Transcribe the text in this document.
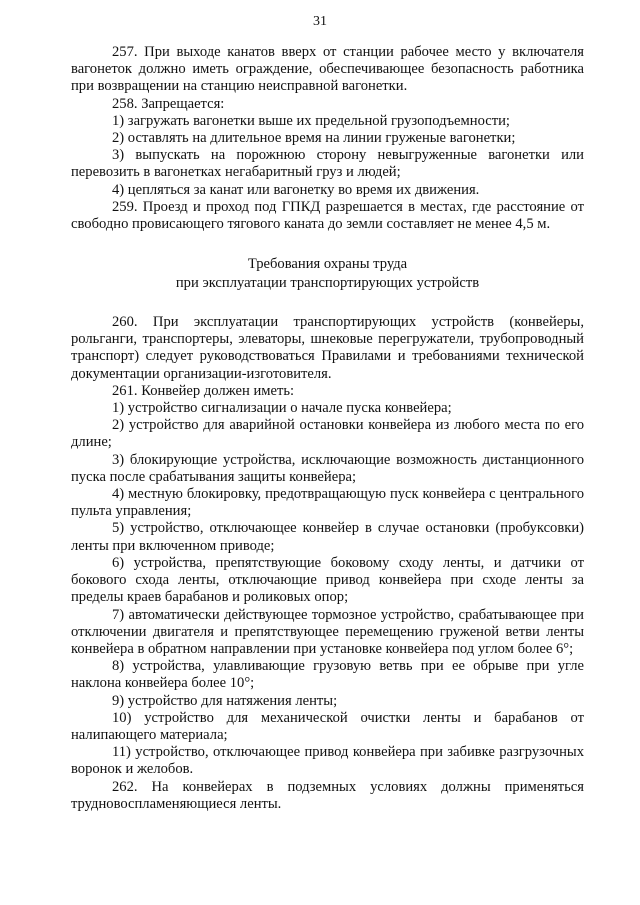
31

257. При выходе канатов вверх от станции рабочее место у включателя вагонеток должно иметь ограждение, обеспечивающее безопасность работника при возвращении на станцию неисправной вагонетки.

258. Запрещается:

1) загружать вагонетки выше их предельной грузоподъемности;

2) оставлять на длительное время на линии груженые вагонетки;

3) выпускать на порожнюю сторону невыгруженные вагонетки или перевозить в вагонетках негабаритный груз и людей;

4) цепляться за канат или вагонетку во время их движения.

259. Проезд и проход под ГПКД разрешается в местах, где расстояние от свободно провисающего тягового каната до земли составляет не менее 4,5 м.

Требования охраны труда
при эксплуатации транспортирующих устройств

260. При эксплуатации транспортирующих устройств (конвейеры, рольганги, транспортеры, элеваторы, шнековые перегружатели, трубопроводный транспорт) следует руководствоваться Правилами и требованиями технической документации организации-изготовителя.

261. Конвейер должен иметь:

1) устройство сигнализации о начале пуска конвейера;

2) устройство для аварийной остановки конвейера из любого места по его длине;

3) блокирующие устройства, исключающие возможность дистанционного пуска после срабатывания защиты конвейера;

4) местную блокировку, предотвращающую пуск конвейера с центрального пульта управления;

5) устройство, отключающее конвейер в случае остановки (пробуксовки) ленты при включенном приводе;

6) устройства, препятствующие боковому сходу ленты, и датчики от бокового схода ленты, отключающие привод конвейера при сходе ленты за пределы краев барабанов и роликовых опор;

7) автоматически действующее тормозное устройство, срабатывающее при отключении двигателя и препятствующее перемещению груженой ветви ленты конвейера в обратном направлении при установке конвейера под углом более 6°;

8) устройства, улавливающие грузовую ветвь при ее обрыве при угле наклона конвейера более 10°;

9) устройство для натяжения ленты;

10) устройство для механической очистки ленты и барабанов от налипающего материала;

11) устройство, отключающее привод конвейера при забивке разгрузочных воронок и желобов.

262. На конвейерах в подземных условиях должны применяться трудновоспламеняющиеся ленты.
